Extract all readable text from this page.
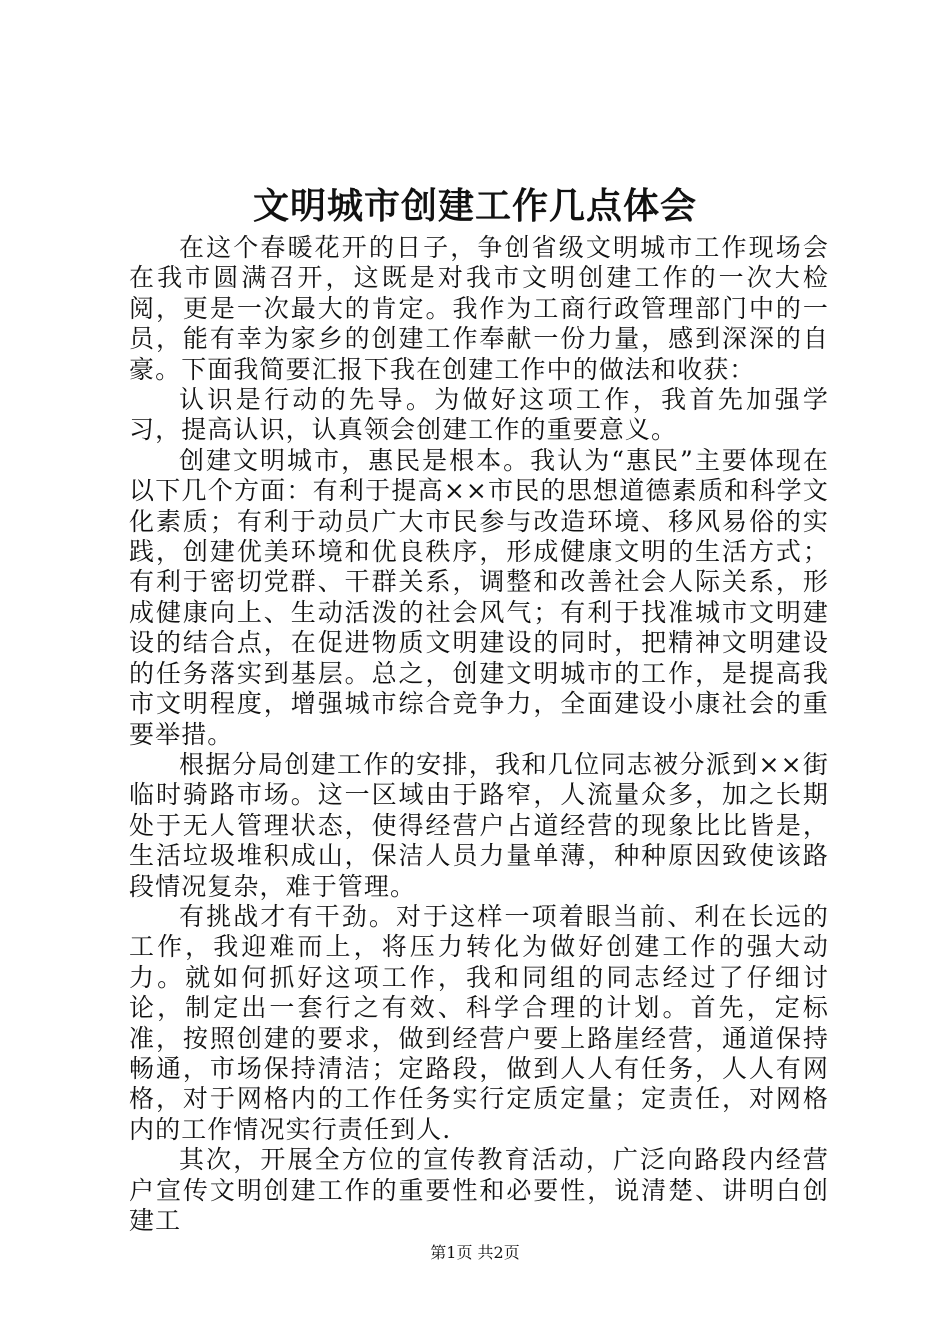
文明城市创建工作几点体会

在这个春暖花开的日子，争创省级文明城市工作现场会在我市圆满召开，这既是对我市文明创建工作的一次大检阅，更是一次最大的肯定。我作为工商行政管理部门中的一员，能有幸为家乡的创建工作奉献一份力量，感到深深的自豪。下面我简要汇报下我在创建工作中的做法和收获：

认识是行动的先导。为做好这项工作，我首先加强学习，提高认识，认真领会创建工作的重要意义。

创建文明城市，惠民是根本。我认为“惠民”主要体现在以下几个方面：有利于提高××市民的思想道德素质和科学文化素质；有利于动员广大市民参与改造环境、移风易俗的实践，创建优美环境和优良秩序，形成健康文明的生活方式；有利于密切党群、干群关系，调整和改善社会人际关系，形成健康向上、生动活泼的社会风气；有利于找准城市文明建设的结合点，在促进物质文明建设的同时，把精神文明建设的任务落实到基层。总之，创建文明城市的工作，是提高我市文明程度，增强城市综合竞争力，全面建设小康社会的重要举措。

根据分局创建工作的安排，我和几位同志被分派到××街临时骑路市场。这一区域由于路窄，人流量众多，加之长期处于无人管理状态，使得经营户占道经营的现象比比皆是，生活垃圾堆积成山，保洁人员力量单薄，种种原因致使该路段情况复杂，难于管理。

有挑战才有干劲。对于这样一项着眼当前、利在长远的工作，我迎难而上，将压力转化为做好创建工作的强大动力。就如何抓好这项工作，我和同组的同志经过了仔细讨论，制定出一套行之有效、科学合理的计划。首先，定标准，按照创建的要求，做到经营户要上路崖经营，通道保持畅通，市场保持清洁；定路段，做到人人有任务，人人有网格，对于网格内的工作任务实行定质定量；定责任，对网格内的工作情况实行责任到人.

其次，开展全方位的宣传教育活动，广泛向路段内经营户宣传文明创建工作的重要性和必要性，说清楚、讲明白创建工

第1页 共2页
